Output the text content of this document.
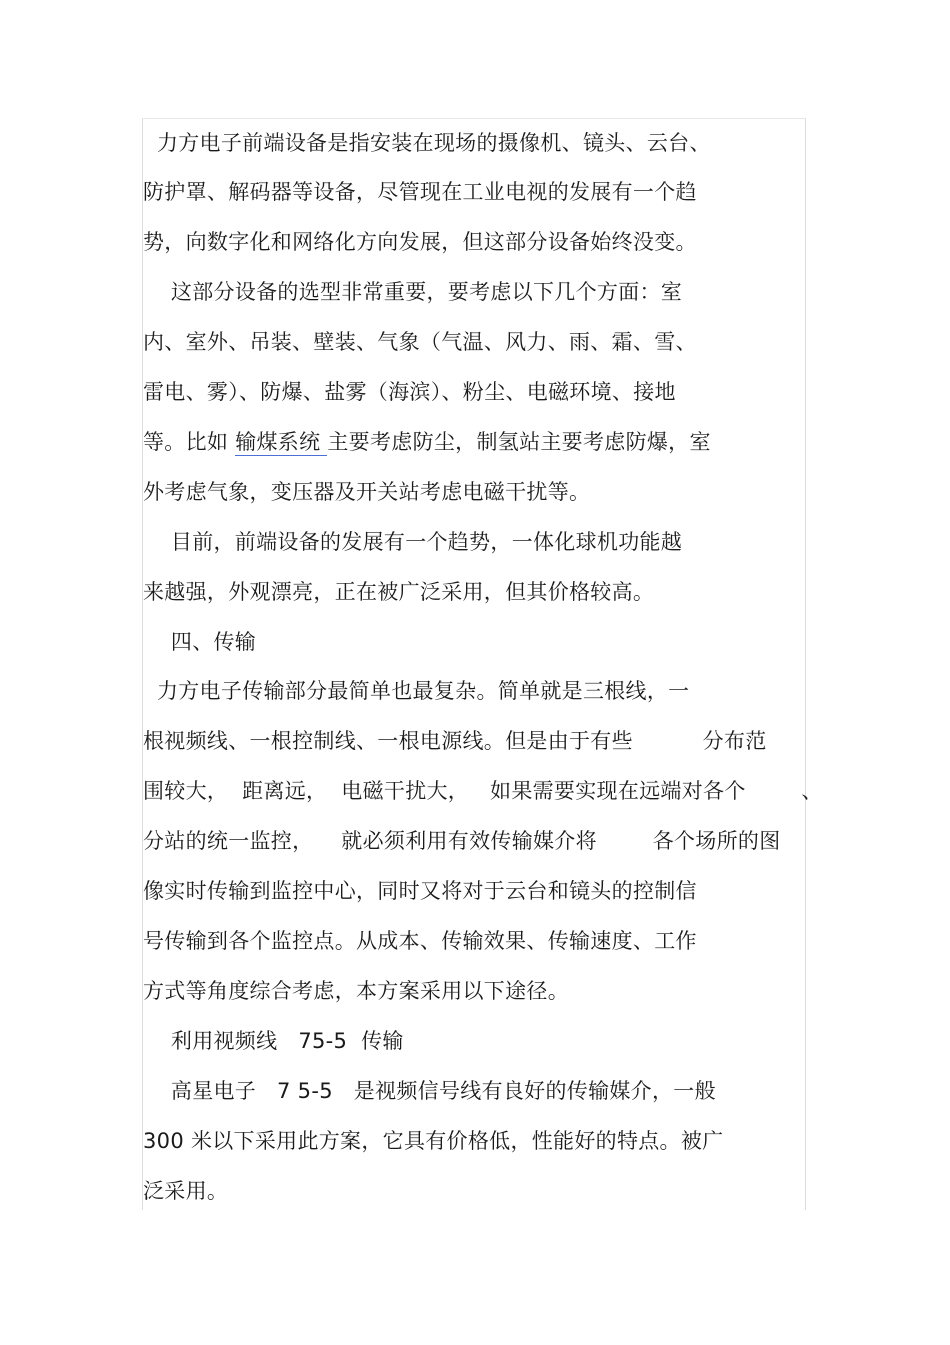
力方电子前端设备是指安装在现场的摄像机、镜头、云台、
防护罩、解码器等设备，尽管现在工业电视的发展有一个趋
势，向数字化和网络化方向发展，但这部分设备始终没变。
这部分设备的选型非常重要，要考虑以下几个方面：室
内、室外、吊装、壁装、气象（气温、风力、雨、霜、雪、
雷电、雾）、防爆、盐雾（海滨）、粉尘、电磁环境、接地
等。比如 输煤系统 主要考虑防尘，制氢站主要考虑防爆，室
外考虑气象，变压器及开关站考虑电磁干扰等。
目前，前端设备的发展有一个趋势，一体化球机功能越
来越强，外观漂亮，正在被广泛采用，但其价格较高。
四、传输
力方电子传输部分最简单也最复杂。简单就是三根线，一
根视频线、一根控制线、一根电源线。但是由于有些          分布范
围较大，  距离远，  电磁干扰大，   如果需要实现在远端对各个        、
分站的统一监控，    就必须利用有效传输媒介将        各个场所的图
像实时传输到监控中心，同时又将对于云台和镜头的控制信
号传输到各个监控点。从成本、传输效果、传输速度、工作
方式等角度综合考虑，本方案采用以下途径。
利用视频线   75-5  传输
高星电子   7 5-5   是视频信号线有良好的传输媒介，一般
300 米以下采用此方案，它具有价格低，性能好的特点。被广
泛采用。
